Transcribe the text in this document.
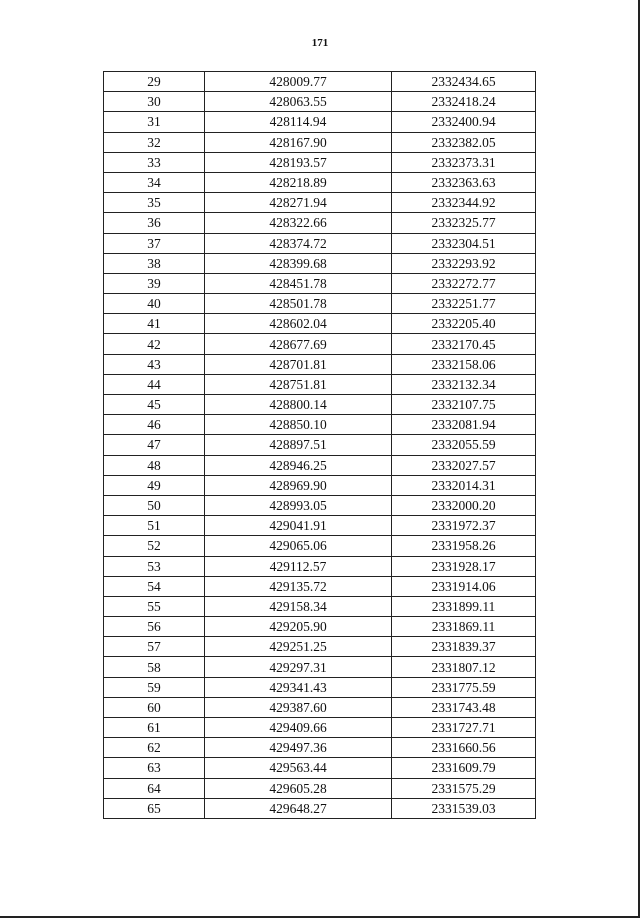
171
29	428009.77	2332434.65
30	428063.55	2332418.24
31	428114.94	2332400.94
32	428167.90	2332382.05
33	428193.57	2332373.31
34	428218.89	2332363.63
35	428271.94	2332344.92
36	428322.66	2332325.77
37	428374.72	2332304.51
38	428399.68	2332293.92
39	428451.78	2332272.77
40	428501.78	2332251.77
41	428602.04	2332205.40
42	428677.69	2332170.45
43	428701.81	2332158.06
44	428751.81	2332132.34
45	428800.14	2332107.75
46	428850.10	2332081.94
47	428897.51	2332055.59
48	428946.25	2332027.57
49	428969.90	2332014.31
50	428993.05	2332000.20
51	429041.91	2331972.37
52	429065.06	2331958.26
53	429112.57	2331928.17
54	429135.72	2331914.06
55	429158.34	2331899.11
56	429205.90	2331869.11
57	429251.25	2331839.37
58	429297.31	2331807.12
59	429341.43	2331775.59
60	429387.60	2331743.48
61	429409.66	2331727.71
62	429497.36	2331660.56
63	429563.44	2331609.79
64	429605.28	2331575.29
65	429648.27	2331539.03
